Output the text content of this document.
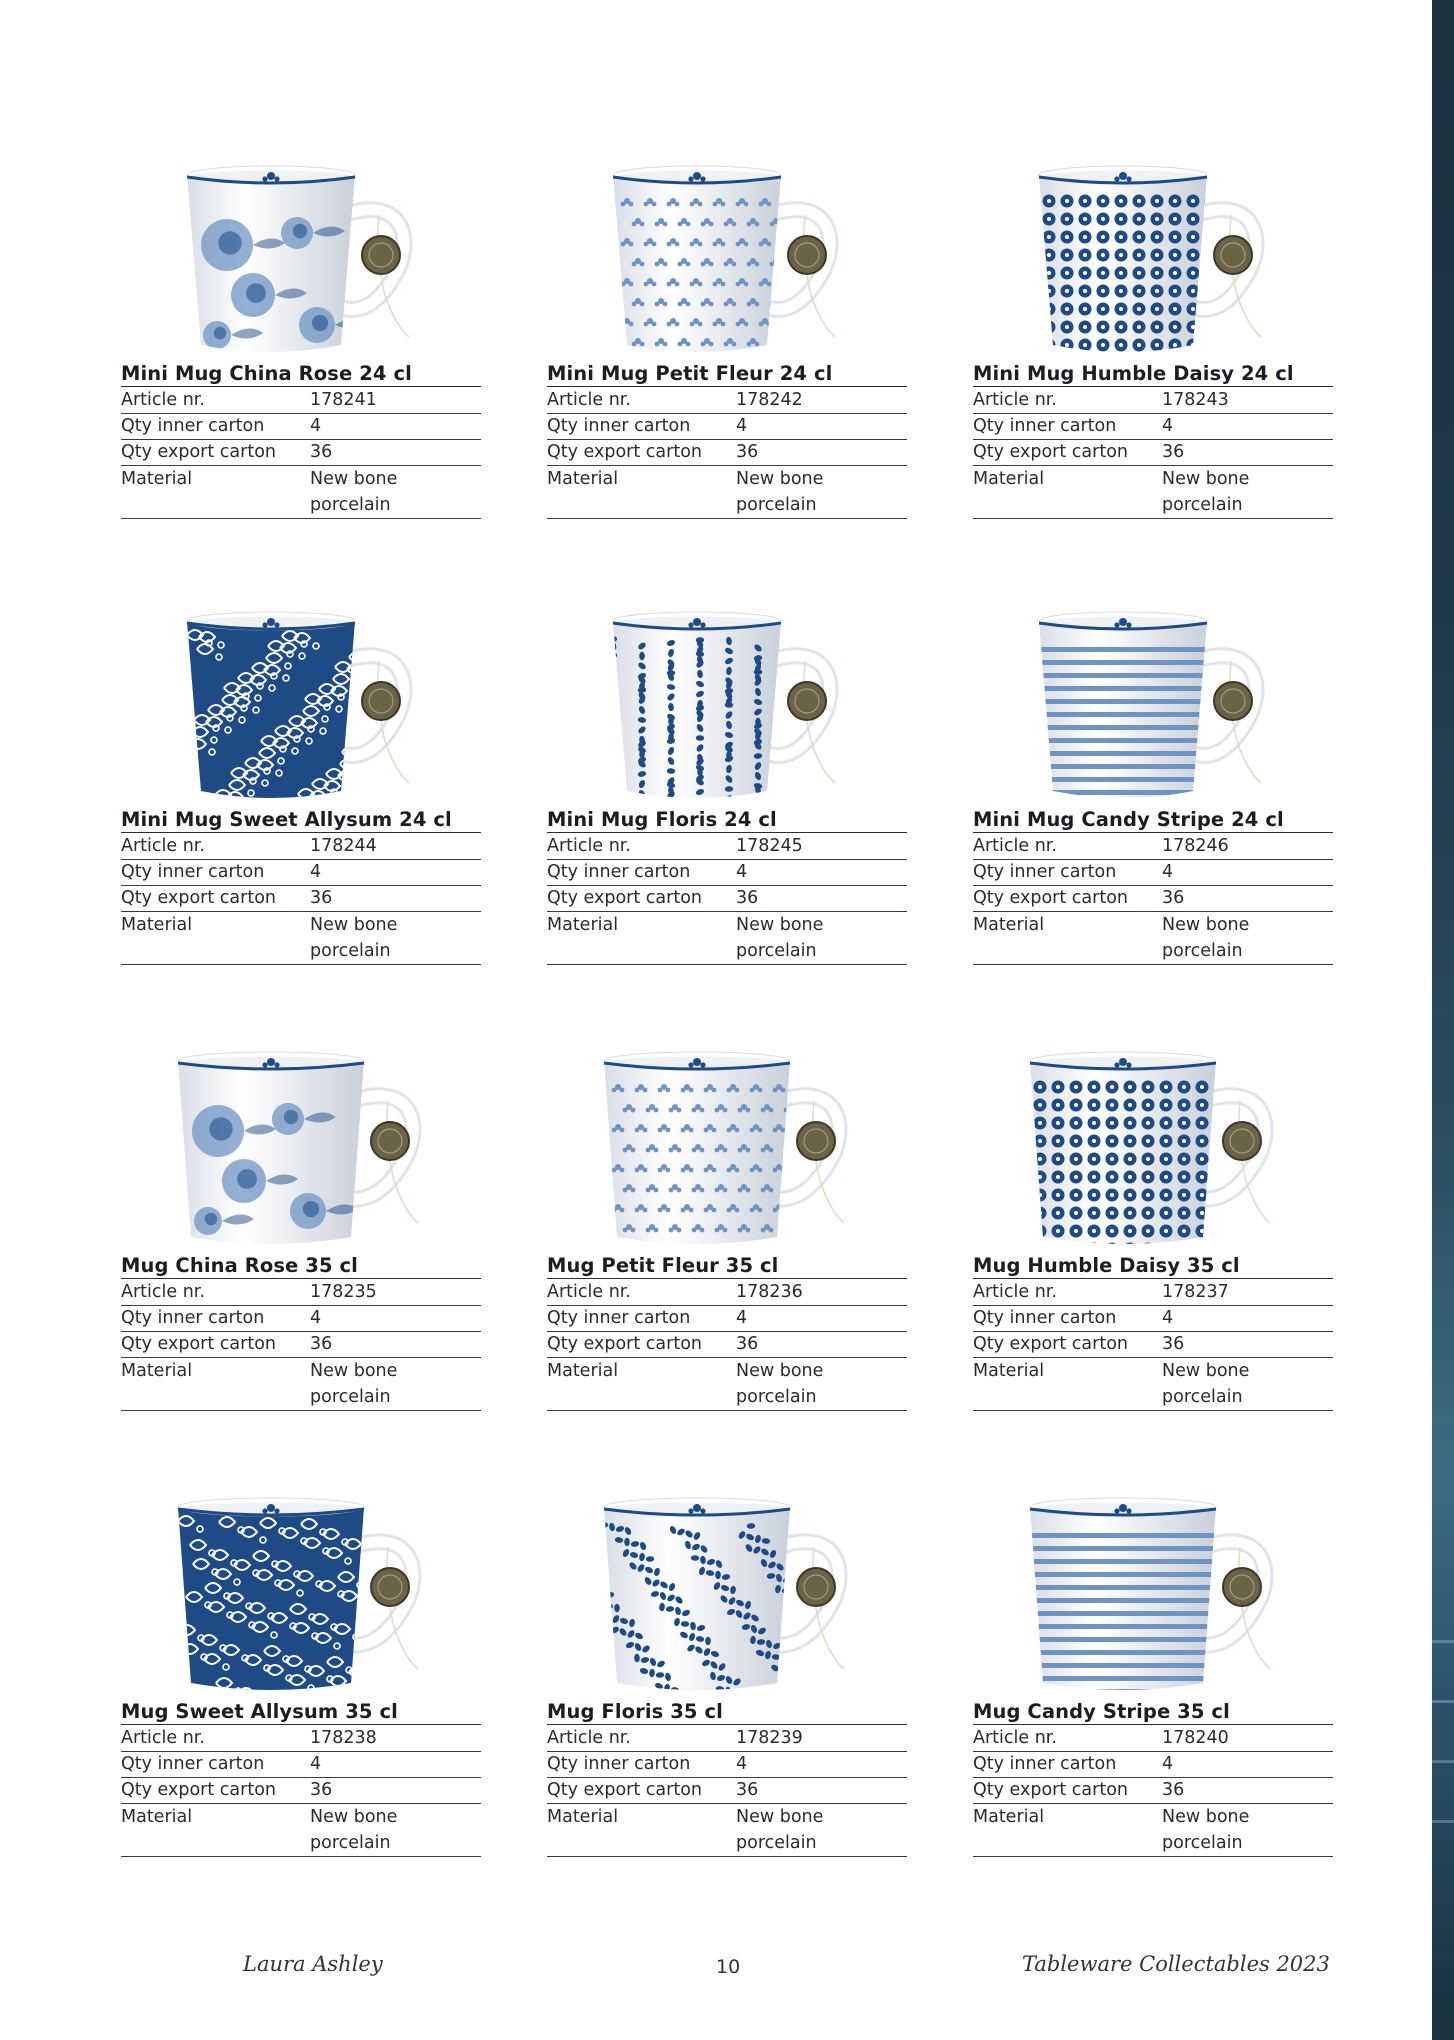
Mini Mug China Rose 24 cl
Article nr.	178241
Qty inner carton	4
Qty export carton	36
Material	New bone porcelain
Mini Mug Petit Fleur 24 cl
Article nr.	178242
Qty inner carton	4
Qty export carton	36
Material	New bone porcelain
Mini Mug Humble Daisy 24 cl
Article nr.	178243
Qty inner carton	4
Qty export carton	36
Material	New bone porcelain
Mini Mug Sweet Allysum 24 cl
Article nr.	178244
Qty inner carton	4
Qty export carton	36
Material	New bone porcelain
Mini Mug Floris 24 cl
Article nr.	178245
Qty inner carton	4
Qty export carton	36
Material	New bone porcelain
Mini Mug Candy Stripe 24 cl
Article nr.	178246
Qty inner carton	4
Qty export carton	36
Material	New bone porcelain
Mug China Rose 35 cl
Article nr.	178235
Qty inner carton	4
Qty export carton	36
Material	New bone porcelain
Mug Petit Fleur 35 cl
Article nr.	178236
Qty inner carton	4
Qty export carton	36
Material	New bone porcelain
Mug Humble Daisy 35 cl
Article nr.	178237
Qty inner carton	4
Qty export carton	36
Material	New bone porcelain
Mug Sweet Allysum 35 cl
Article nr.	178238
Qty inner carton	4
Qty export carton	36
Material	New bone porcelain
Mug Floris 35 cl
Article nr.	178239
Qty inner carton	4
Qty export carton	36
Material	New bone porcelain
Mug Candy Stripe 35 cl
Article nr.	178240
Qty inner carton	4
Qty export carton	36
Material	New bone porcelain
Laura Ashley	10	Tableware Collectables 2023
